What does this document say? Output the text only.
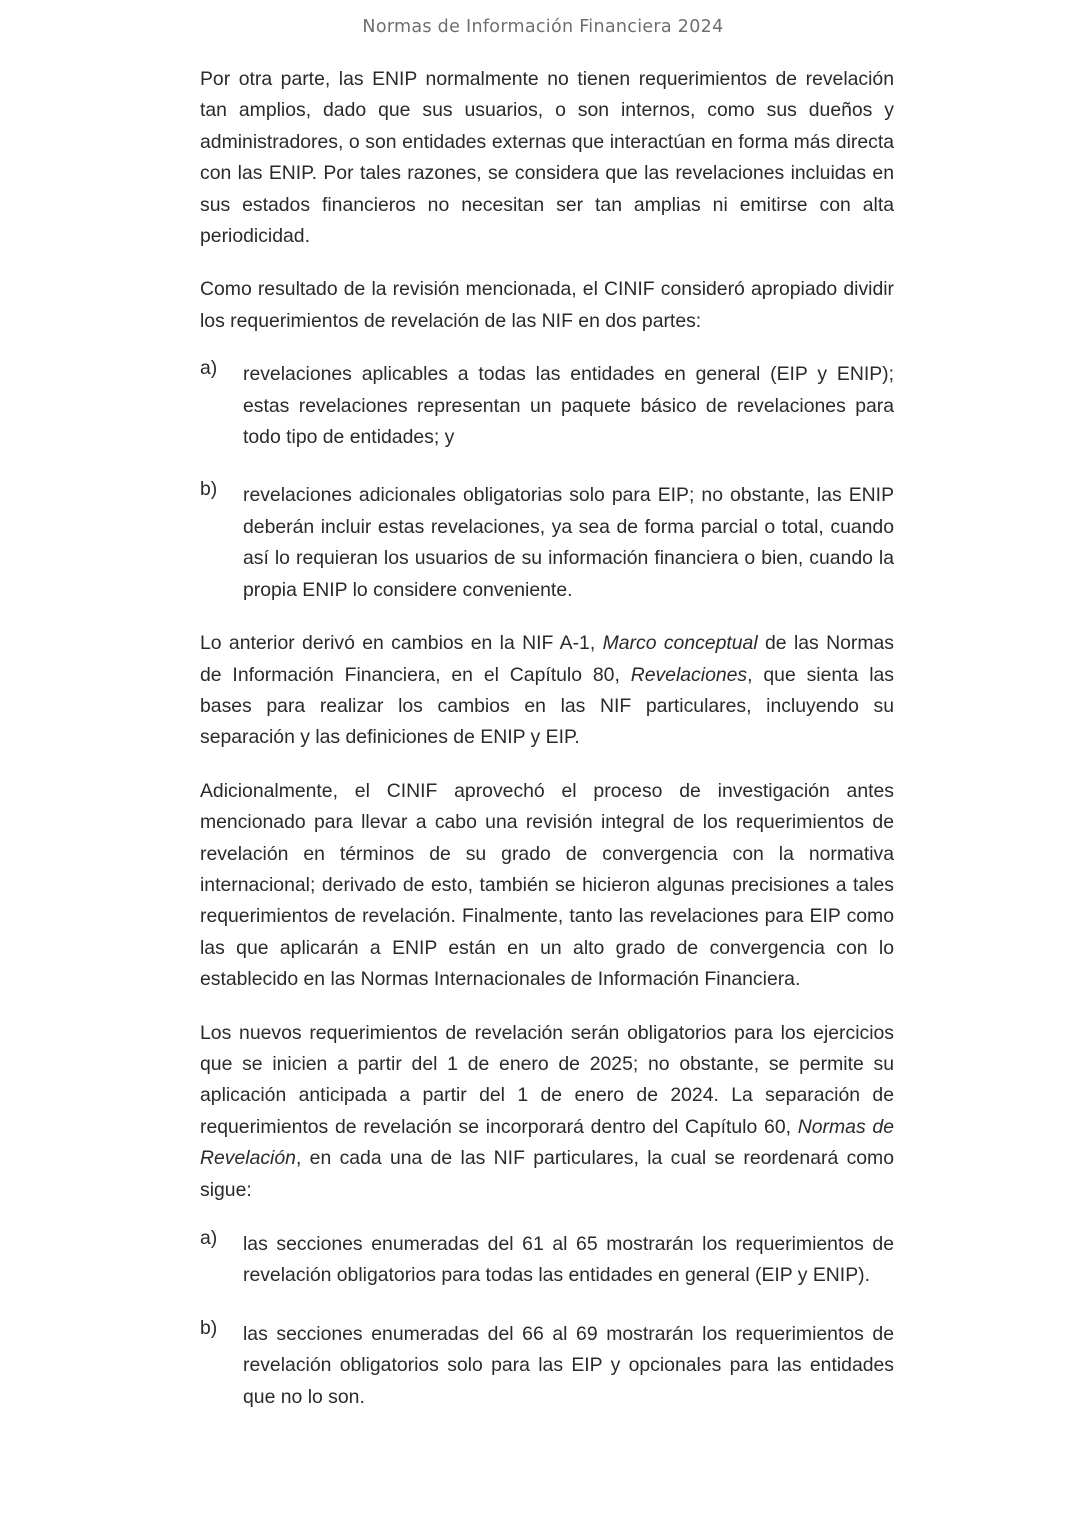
Normas de Información Financiera 2024

Por otra parte, las ENIP normalmente no tienen requerimientos de revelación tan amplios, dado que sus usuarios, o son internos, como sus dueños y administradores, o son entidades externas que interactúan en forma más directa con las ENIP. Por tales razones, se considera que las revelaciones incluidas en sus estados financieros no necesitan ser tan amplias ni emitirse con alta periodicidad.

Como resultado de la revisión mencionada, el CINIF consideró apropiado dividir los requerimientos de revelación de las NIF en dos partes:

a) revelaciones aplicables a todas las entidades en general (EIP y ENIP); estas revelaciones representan un paquete básico de revelaciones para todo tipo de entidades; y
b) revelaciones adicionales obligatorias solo para EIP; no obstante, las ENIP deberán incluir estas revelaciones, ya sea de forma parcial o total, cuando así lo requieran los usuarios de su información financiera o bien, cuando la propia ENIP lo considere conveniente.

Lo anterior derivó en cambios en la NIF A-1, Marco conceptual de las Normas de Información Financiera, en el Capítulo 80, Revelaciones, que sienta las bases para realizar los cambios en las NIF particulares, incluyendo su separación y las definiciones de ENIP y EIP.

Adicionalmente, el CINIF aprovechó el proceso de investigación antes mencionado para llevar a cabo una revisión integral de los requerimientos de revelación en términos de su grado de convergencia con la normativa internacional; derivado de esto, también se hicieron algunas precisiones a tales requerimientos de revelación. Finalmente, tanto las revelaciones para EIP como las que aplicarán a ENIP están en un alto grado de convergencia con lo establecido en las Normas Internacionales de Información Financiera.

Los nuevos requerimientos de revelación serán obligatorios para los ejercicios que se inicien a partir del 1 de enero de 2025; no obstante, se permite su aplicación anticipada a partir del 1 de enero de 2024. La separación de requerimientos de revelación se incorporará dentro del Capítulo 60, Normas de Revelación, en cada una de las NIF particulares, la cual se reordenará como sigue:

a) las secciones enumeradas del 61 al 65 mostrarán los requerimientos de revelación obligatorios para todas las entidades en general (EIP y ENIP).
b) las secciones enumeradas del 66 al 69 mostrarán los requerimientos de revelación obligatorios solo para las EIP y opcionales para las entidades que no lo son.
